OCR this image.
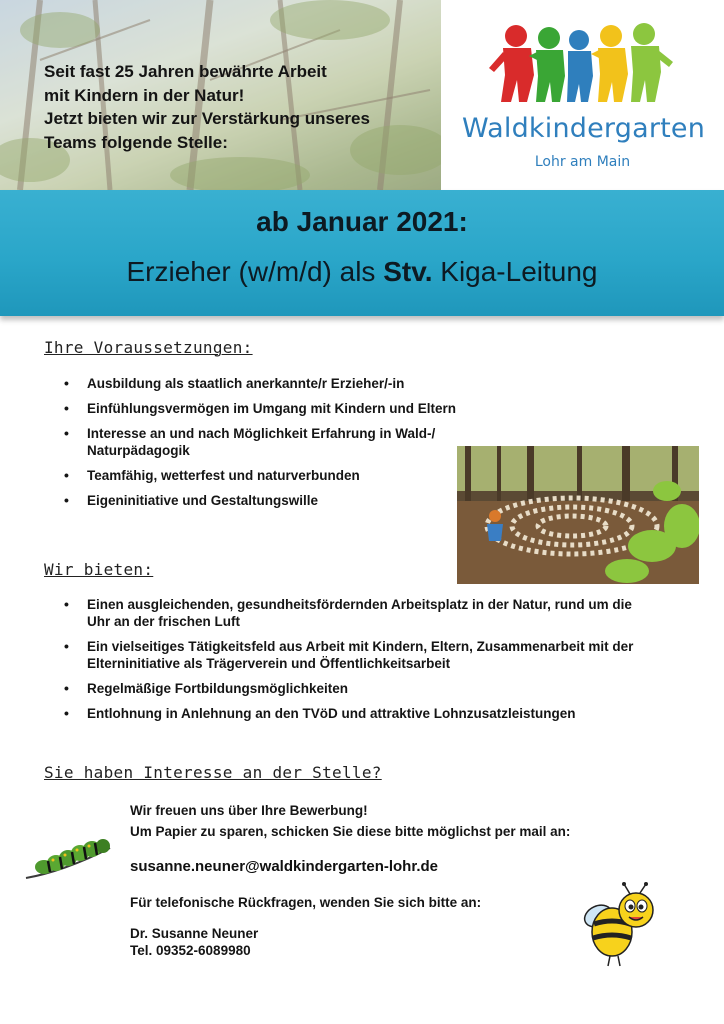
Seit fast 25 Jahren bewährte Arbeit
mit Kindern in der Natur!
Jetzt bieten wir zur Verstärkung unseres
Teams folgende Stelle:	Waldkindergarten
Lohr am Main
ab Januar 2021:
Erzieher (w/m/d) als Stv. Kiga-Leitung
Ihre Voraussetzungen:
• Ausbildung als staatlich anerkannte/r Erzieher/-in
• Einfühlungsvermögen im Umgang mit Kindern und Eltern
• Interesse an und nach Möglichkeit Erfahrung in Wald-/ Naturpädagogik
• Teamfähig, wetterfest und naturverbunden
• Eigeninitiative und Gestaltungswille
Wir bieten:
• Einen ausgleichenden, gesundheitsfördernden Arbeitsplatz in der Natur, rund um die Uhr an der frischen Luft
• Ein vielseitiges Tätigkeitsfeld aus Arbeit mit Kindern, Eltern, Zusammenarbeit mit der Elterninitiative als Trägerverein und Öffentlichkeitsarbeit
• Regelmäßige Fortbildungsmöglichkeiten
• Entlohnung in Anlehnung an den TVöD und attraktive Lohnzusatzleistungen
Sie haben Interesse an der Stelle?
Wir freuen uns über Ihre Bewerbung!
Um Papier zu sparen, schicken Sie diese bitte möglichst per mail an:
susanne.neuner@waldkindergarten-lohr.de
Für telefonische Rückfragen, wenden Sie sich bitte an:
Dr. Susanne Neuner
Tel. 09352-6089980
